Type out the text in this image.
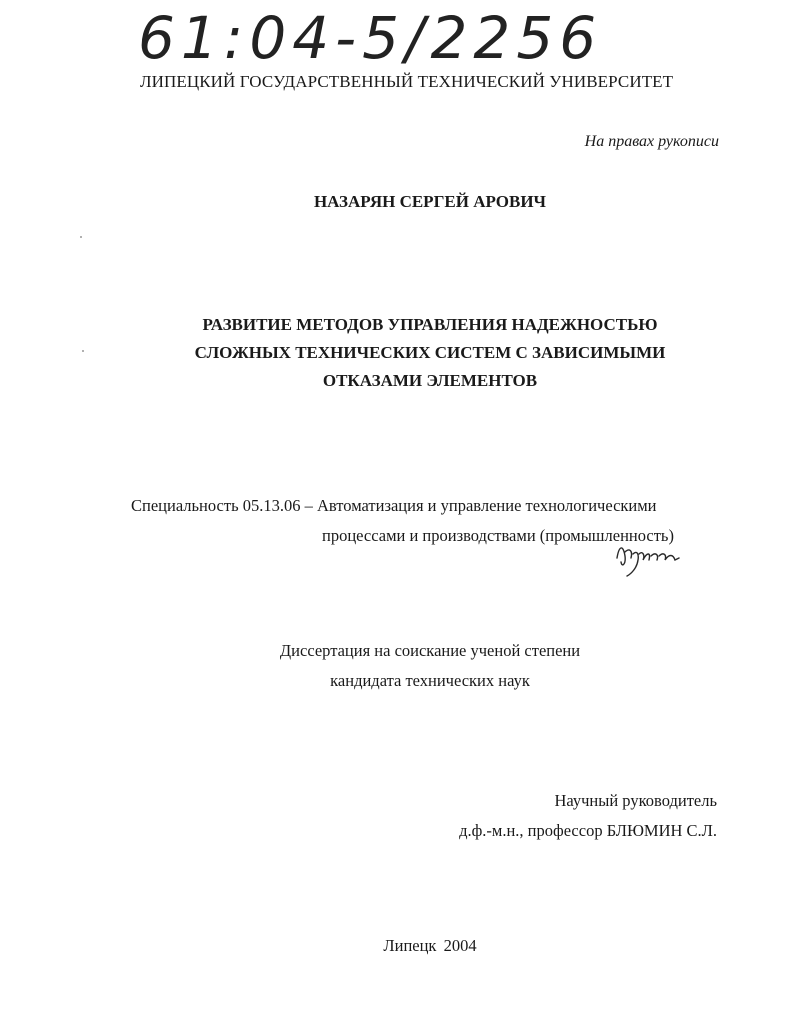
61:04-5/2256
ЛИПЕЦКИЙ ГОСУДАРСТВЕННЫЙ ТЕХНИЧЕСКИЙ УНИВЕРСИТЕТ
На правах рукописи
НАЗАРЯН СЕРГЕЙ АРОВИЧ
РАЗВИТИЕ МЕТОДОВ УПРАВЛЕНИЯ НАДЕЖНОСТЬЮ
СЛОЖНЫХ ТЕХНИЧЕСКИХ СИСТЕМ С ЗАВИСИМЫМИ
ОТКАЗАМИ ЭЛЕМЕНТОВ
Специальность 05.13.06 – Автоматизация и управление технологическими
процессами и производствами (промышленность)
Диссертация на соискание ученой степени
кандидата технических наук
Научный руководитель
д.ф.-м.н., профессор БЛЮМИН С.Л.
Липецк 2004
